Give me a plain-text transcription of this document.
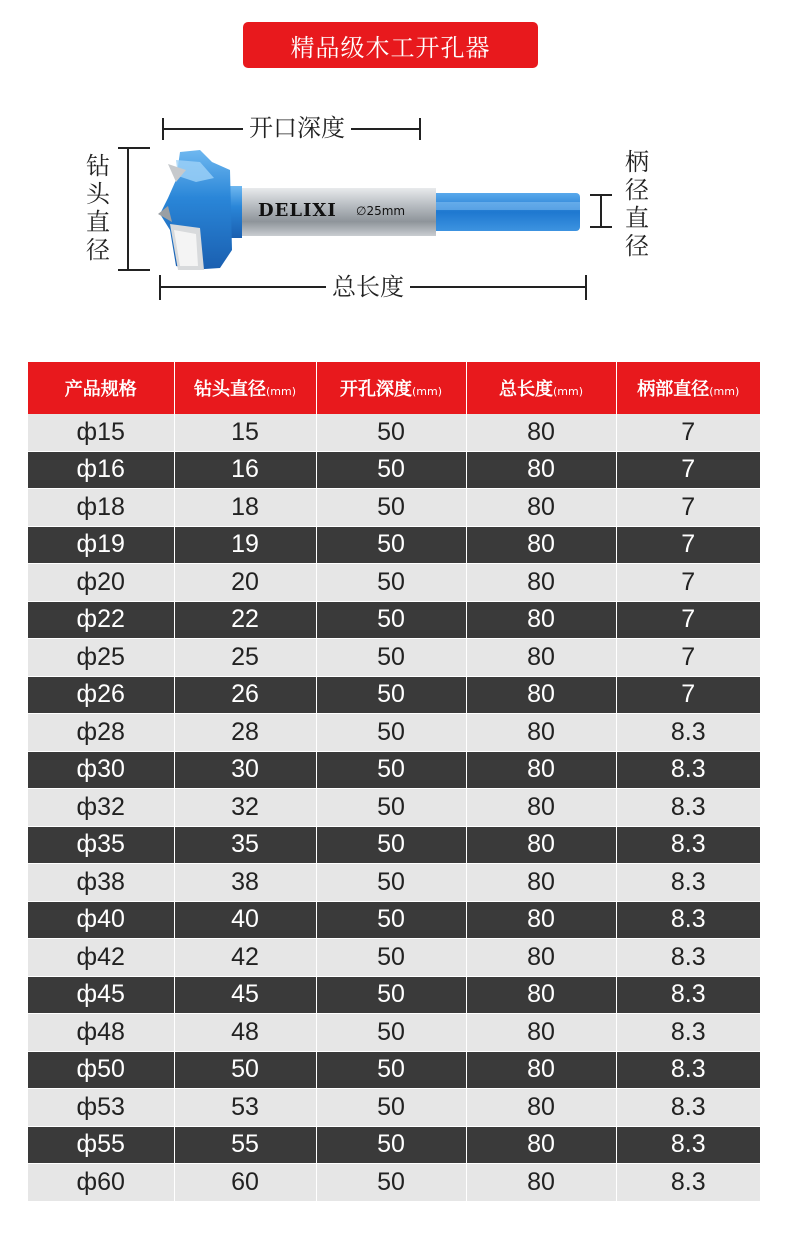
精品级木工开孔器
开口深度
总长度
钻
头
直
径
柄
径
直
径
DELIXI ∅25mm
产品规格	钻头直径(mm)	开孔深度(mm)	总长度(mm)	柄部直径(mm)
ф15	15	50	80	7
ф16	16	50	80	7
ф18	18	50	80	7
ф19	19	50	80	7
ф20	20	50	80	7
ф22	22	50	80	7
ф25	25	50	80	7
ф26	26	50	80	7
ф28	28	50	80	8.3
ф30	30	50	80	8.3
ф32	32	50	80	8.3
ф35	35	50	80	8.3
ф38	38	50	80	8.3
ф40	40	50	80	8.3
ф42	42	50	80	8.3
ф45	45	50	80	8.3
ф48	48	50	80	8.3
ф50	50	50	80	8.3
ф53	53	50	80	8.3
ф55	55	50	80	8.3
ф60	60	50	80	8.3
